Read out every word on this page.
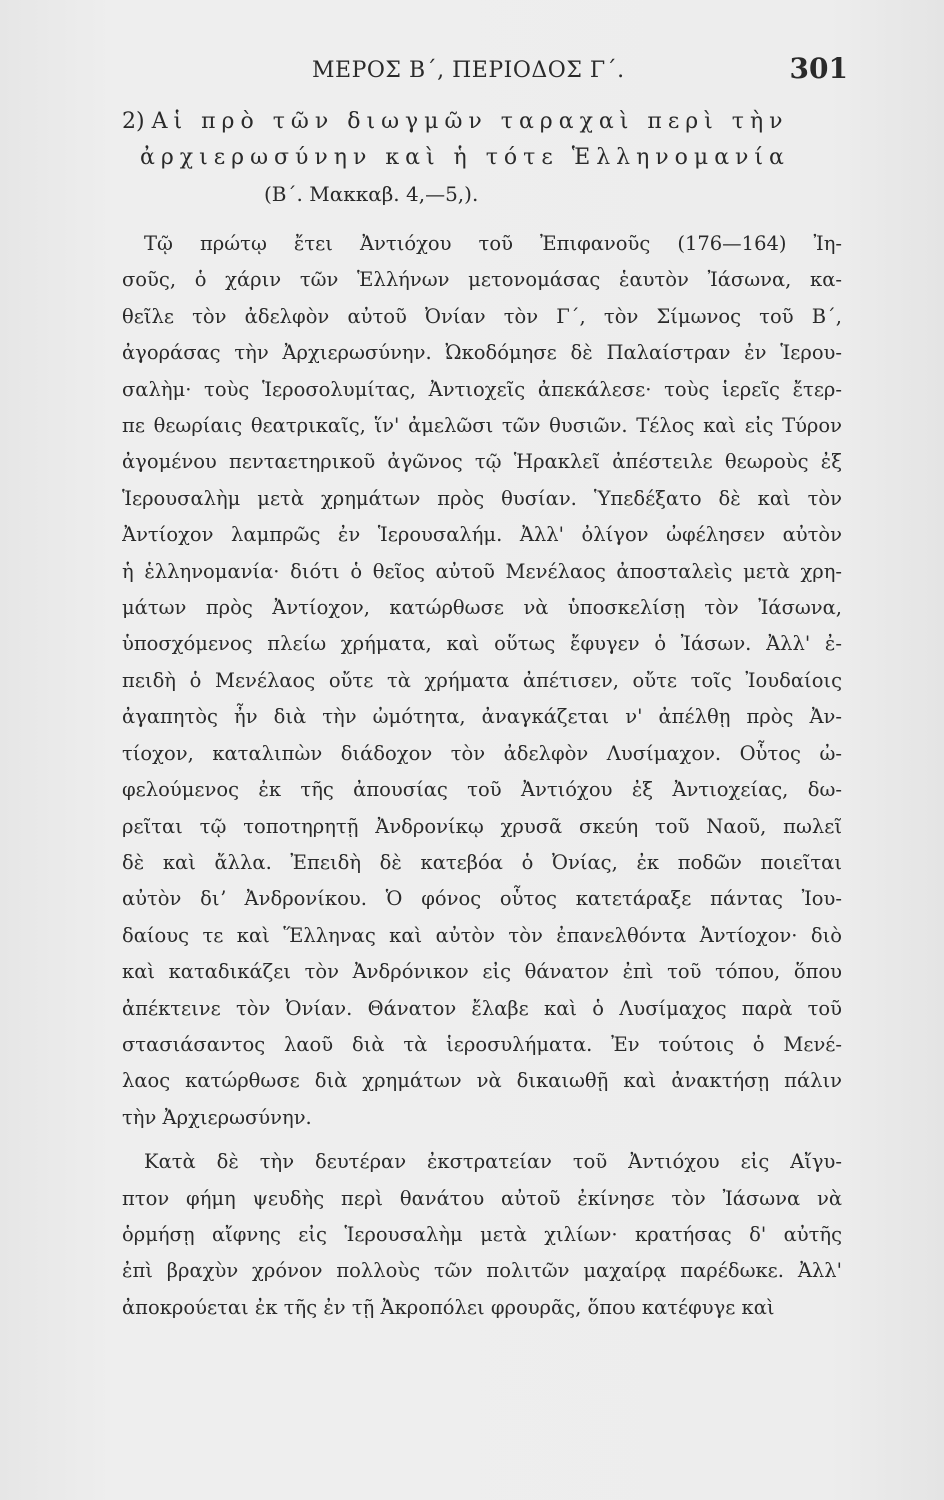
ΜΕΡΟΣ Β΄, ΠΕΡΙΟΔΟΣ Γ΄.	301
2) Αἱ πρὸ τῶν διωγμῶν ταραχαὶ περὶ τὴν
ἀρχιερωσύνην καὶ ἡ τότε Ἑλληνομανία
(Β΄. Μακκαβ. 4,—5,).
Τῷ πρώτῳ ἔτει Ἀντιόχου τοῦ Ἐπιφανοῦς (176—164) Ἰη-
σοῦς, ὁ χάριν τῶν Ἑλλήνων μετονομάσας ἑαυτὸν Ἰάσωνα, κα-
θεῖλε τὸν ἀδελφὸν αὐτοῦ Ὀνίαν τὸν Γ΄, τὸν Σίμωνος τοῦ Β΄,
ἀγοράσας τὴν Ἀρχιερωσύνην. Ὠκοδόμησε δὲ Παλαίστραν ἐν Ἱερου-
σαλὴμ· τοὺς Ἱεροσολυμίτας, Ἀντιοχεῖς ἀπεκάλεσε· τοὺς ἱερεῖς ἔτερ-
πε θεωρίαις θεατρικαῖς, ἵν' ἀμελῶσι τῶν θυσιῶν. Τέλος καὶ εἰς Τύρον
ἀγομένου πενταετηρικοῦ ἀγῶνος τῷ Ἡρακλεῖ ἀπέστειλε θεωροὺς ἐξ
Ἱερουσαλὴμ μετὰ χρημάτων πρὸς θυσίαν. Ὑπεδέξατο δὲ καὶ τὸν
Ἀντίοχον λαμπρῶς ἐν Ἱερουσαλήμ. Ἀλλ' ὀλίγον ὠφέλησεν αὐτὸν
ἡ ἑλληνομανία· διότι ὁ θεῖος αὐτοῦ Μενέλαος ἀποσταλεὶς μετὰ χρη-
μάτων πρὸς Ἀντίοχον, κατώρθωσε νὰ ὑποσκελίσῃ τὸν Ἰάσωνα,
ὑποσχόμενος πλείω χρήματα, καὶ οὕτως ἔφυγεν ὁ Ἰάσων. Ἀλλ' ἐ-
πειδὴ ὁ Μενέλαος οὔτε τὰ χρήματα ἀπέτισεν, οὔτε τοῖς Ἰουδαίοις
ἀγαπητὸς ἦν διὰ τὴν ὠμότητα, ἀναγκάζεται ν' ἀπέλθῃ πρὸς Ἀν-
τίοχον, καταλιπὼν διάδοχον τὸν ἀδελφὸν Λυσίμαχον. Οὗτος ὠ-
φελούμενος ἐκ τῆς ἀπουσίας τοῦ Ἀντιόχου ἐξ Ἀντιοχείας, δω-
ρεῖται τῷ τοποτηρητῇ Ἀνδρονίκῳ χρυσᾶ σκεύη τοῦ Ναοῦ, πωλεῖ
δὲ καὶ ἄλλα. Ἐπειδὴ δὲ κατεβόα ὁ Ὀνίας, ἐκ ποδῶν ποιεῖται
αὐτὸν διʼ Ἀνδρονίκου. Ὁ φόνος οὗτος κατετάραξε πάντας Ἰου-
δαίους τε καὶ Ἕλληνας καὶ αὐτὸν τὸν ἐπανελθόντα Ἀντίοχον· διὸ
καὶ καταδικάζει τὸν Ἀνδρόνικον εἰς θάνατον ἐπὶ τοῦ τόπου, ὅπου
ἀπέκτεινε τὸν Ὀνίαν. Θάνατον ἔλαβε καὶ ὁ Λυσίμαχος παρὰ τοῦ
στασιάσαντος λαοῦ διὰ τὰ ἱεροσυλήματα. Ἐν τούτοις ὁ Μενέ-
λαος κατώρθωσε διὰ χρημάτων νὰ δικαιωθῇ καὶ ἀνακτήσῃ πάλιν
τὴν Ἀρχιερωσύνην.
Κατὰ δὲ τὴν δευτέραν ἐκστρατείαν τοῦ Ἀντιόχου εἰς Αἴγυ-
πτον φήμη ψευδὴς περὶ θανάτου αὐτοῦ ἐκίνησε τὸν Ἰάσωνα νὰ
ὁρμήσῃ αἴφνης εἰς Ἱερουσαλὴμ μετὰ χιλίων· κρατήσας δ' αὐτῆς
ἐπὶ βραχὺν χρόνον πολλοὺς τῶν πολιτῶν μαχαίρᾳ παρέδωκε. Ἀλλ'
ἀποκρούεται ἐκ τῆς ἐν τῇ Ἀκροπόλει φρουρᾶς, ὅπου κατέφυγε καὶ
